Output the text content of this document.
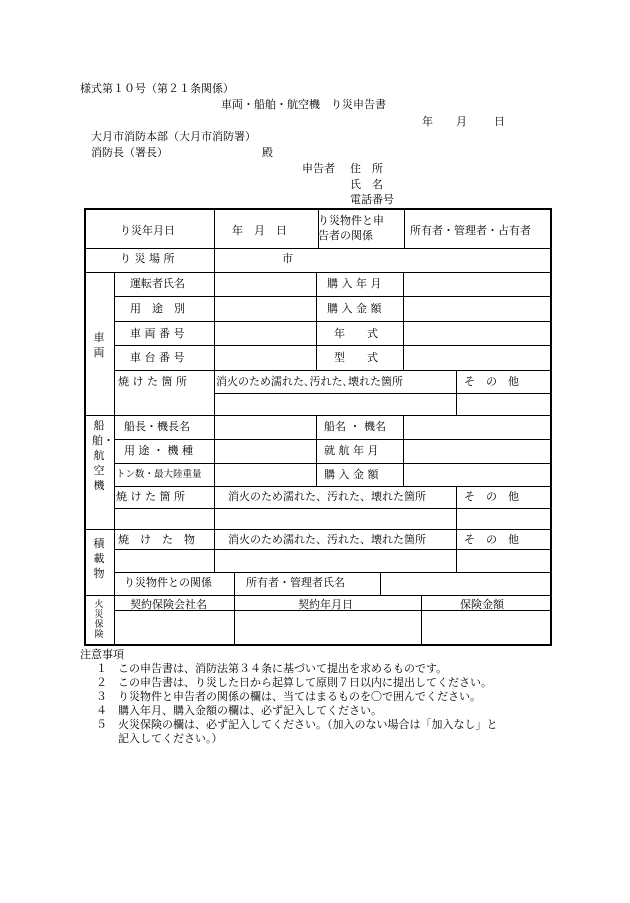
様式第１０号（第２１条関係）
車両・船舶・航空機　り災申告書
年 月 日
大月市消防本部（大月市消防署）
消防長（署長）	殿
申告者 住　所
氏　名
電話番号
り災年月日	年　月　日
り災物件と申
告者の関係	所有者・管理者・占有者
り 災 場 所	市
車両
運転者氏名	購 入 年 月
用　途　別	購 入 金 額
車 両 番 号	年　　式
車 台 番 号	型　　式
焼 け た 箇 所	消火のため濡れた､汚れた､壊れた箇所	そ　の　他
船舶・航空機
船長・機長名	船名 ・ 機名
用 途 ・ 機 種	就 航 年 月
トン数・最大陸重量	購 入 金 額
焼 け た 箇 所	消火のため濡れた、汚れた、壊れた箇所	そ　の　他
積載物
焼　け　た　物	消火のため濡れた、汚れた、壊れた箇所	そ　の　他
り災物件との関係	所有者・管理者氏名
火災保険
契約保険会社名	契約年月日	保険金額
注意事項
１ この申告書は、消防法第３４条に基づいて提出を求めるものです。
２ この申告書は、り災した日から起算して原則７日以内に提出してください。
３ り災物件と申告者の関係の欄は、当てはまるものを〇で囲んでください。
４ 購入年月、購入金額の欄は、必ず記入してください。
５ 火災保険の欄は、必ず記入してください。（加入のない場合は「加入なし」と
記入してください。）
